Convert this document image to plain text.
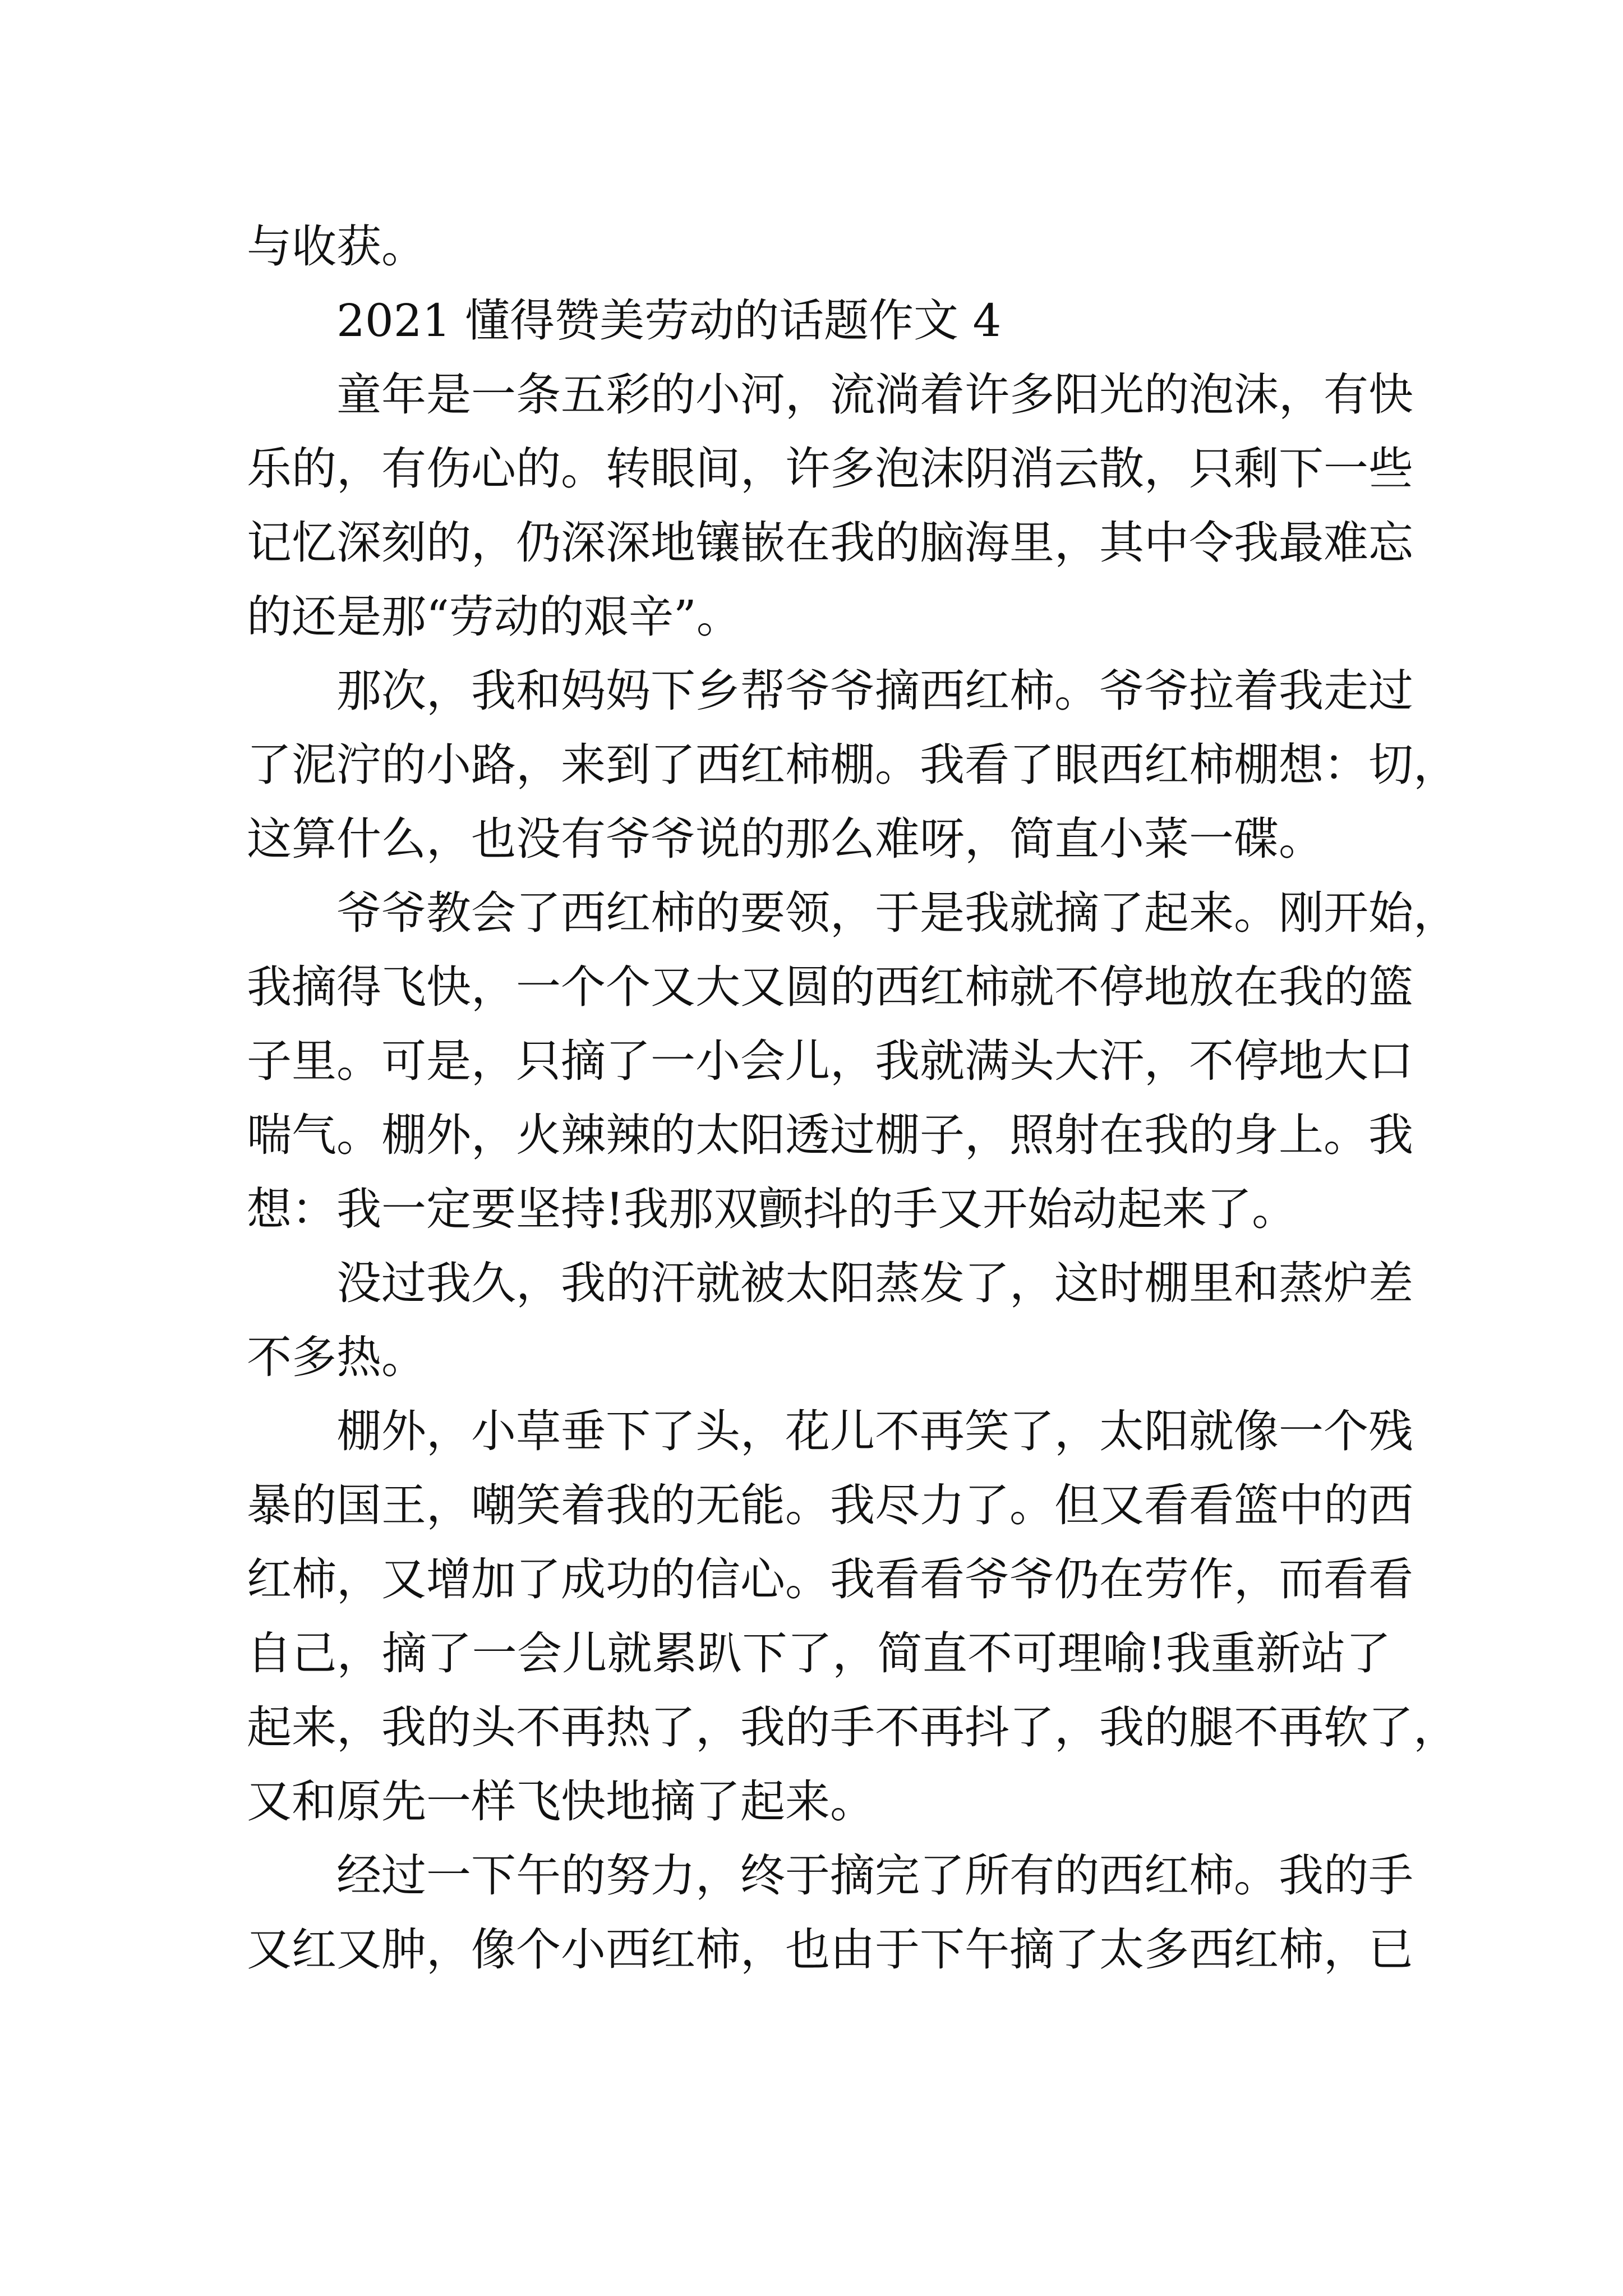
与收获。
2021 懂得赞美劳动的话题作文 4
童年是一条五彩的小河，流淌着许多阳光的泡沫，有快
乐的，有伤心的。转眼间，许多泡沫阴消云散，只剩下一些
记忆深刻的，仍深深地镶嵌在我的脑海里，其中令我最难忘
的还是那“劳动的艰辛”。
那次，我和妈妈下乡帮爷爷摘西红柿。爷爷拉着我走过
了泥泞的小路，来到了西红柿棚。我看了眼西红柿棚想：切，
这算什么，也没有爷爷说的那么难呀，简直小菜一碟。
爷爷教会了西红柿的要领，于是我就摘了起来。刚开始，
我摘得飞快，一个个又大又圆的西红柿就不停地放在我的篮
子里。可是，只摘了一小会儿，我就满头大汗，不停地大口
喘气。棚外，火辣辣的太阳透过棚子，照射在我的身上。我
想：我一定要坚持!我那双颤抖的手又开始动起来了。
没过我久，我的汗就被太阳蒸发了，这时棚里和蒸炉差
不多热。
棚外，小草垂下了头，花儿不再笑了，太阳就像一个残
暴的国王，嘲笑着我的无能。我尽力了。但又看看篮中的西
红柿，又增加了成功的信心。我看看爷爷仍在劳作，而看看
自己，摘了一会儿就累趴下了，简直不可理喻!我重新站了
起来，我的头不再热了，我的手不再抖了，我的腿不再软了，
又和原先一样飞快地摘了起来。
经过一下午的努力，终于摘完了所有的西红柿。我的手
又红又肿，像个小西红柿，也由于下午摘了太多西红柿，已
